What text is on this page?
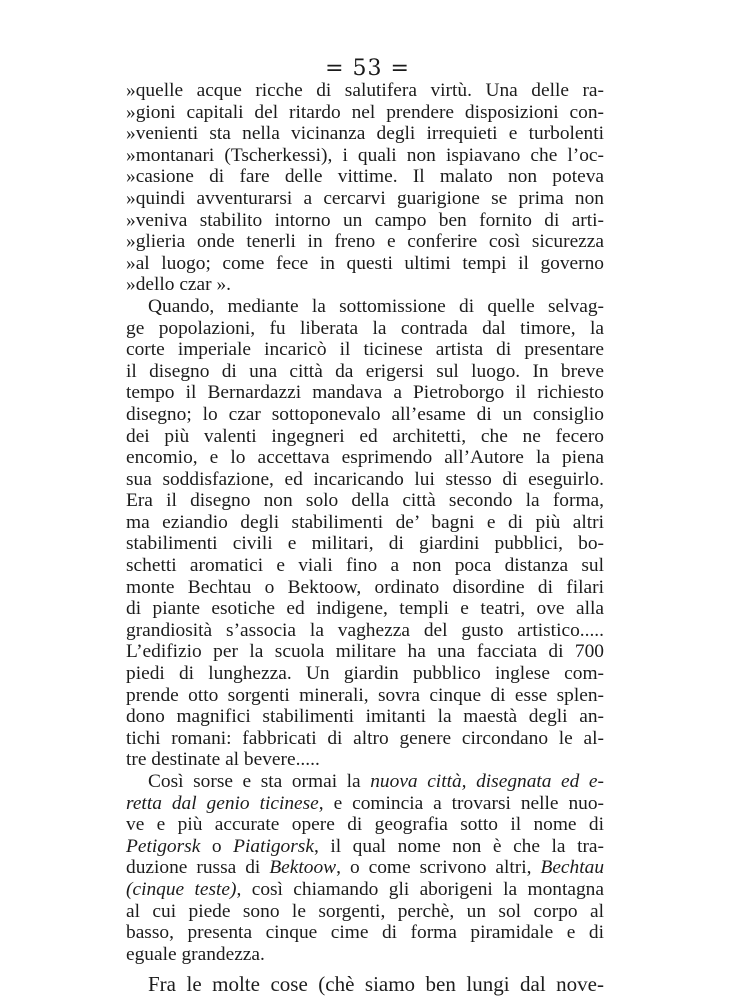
= 53 =
»quelle acque ricche di salutifera virtù. Una delle ra-
»gioni capitali del ritardo nel prendere disposizioni con-
»venienti sta nella vicinanza degli irrequieti e turbolenti
»montanari (Tscherkessi), i quali non ispiavano che l’oc-
»casione di fare delle vittime. Il malato non poteva
»quindi avventurarsi a cercarvi guarigione se prima non
»veniva stabilito intorno un campo ben fornito di arti-
»glieria onde tenerli in freno e conferire così sicurezza
»al luogo; come fece in questi ultimi tempi il governo
»dello czar ».
Quando, mediante la sottomissione di quelle selvag-
ge popolazioni, fu liberata la contrada dal timore, la
corte imperiale incaricò il ticinese artista di presentare
il disegno di una città da erigersi sul luogo. In breve
tempo il Bernardazzi mandava a Pietroborgo il richiesto
disegno; lo czar sottoponevalo all’esame di un consiglio
dei più valenti ingegneri ed architetti, che ne fecero
encomio, e lo accettava esprimendo all’Autore la piena
sua soddisfazione, ed incaricando lui stesso di eseguirlo.
Era il disegno non solo della città secondo la forma,
ma eziandio degli stabilimenti de’ bagni e di più altri
stabilimenti civili e militari, di giardini pubblici, bo-
schetti aromatici e viali fino a non poca distanza sul
monte Bechtau o Bektoow, ordinato disordine di filari
di piante esotiche ed indigene, templi e teatri, ove alla
grandiosità s’associa la vaghezza del gusto artistico.....
L’edifizio per la scuola militare ha una facciata di 700
piedi di lunghezza. Un giardin pubblico inglese com-
prende otto sorgenti minerali, sovra cinque di esse splen-
dono magnifici stabilimenti imitanti la maestà degli an-
tichi romani: fabbricati di altro genere circondano le al-
tre destinate al bevere.....
Così sorse e sta ormai la nuova città, disegnata ed e-
retta dal genio ticinese, e comincia a trovarsi nelle nuo-
ve e più accurate opere di geografia sotto il nome di
Petigorsk o Piatigorsk, il qual nome non è che la tra-
duzione russa di Bektoow, o come scrivono altri, Bechtau
(cinque teste), così chiamando gli aborigeni la montagna
al cui piede sono le sorgenti, perchè, un sol corpo al
basso, presenta cinque cime di forma piramidale e di
eguale grandezza.
Fra le molte cose (chè siamo ben lungi dal nove-
